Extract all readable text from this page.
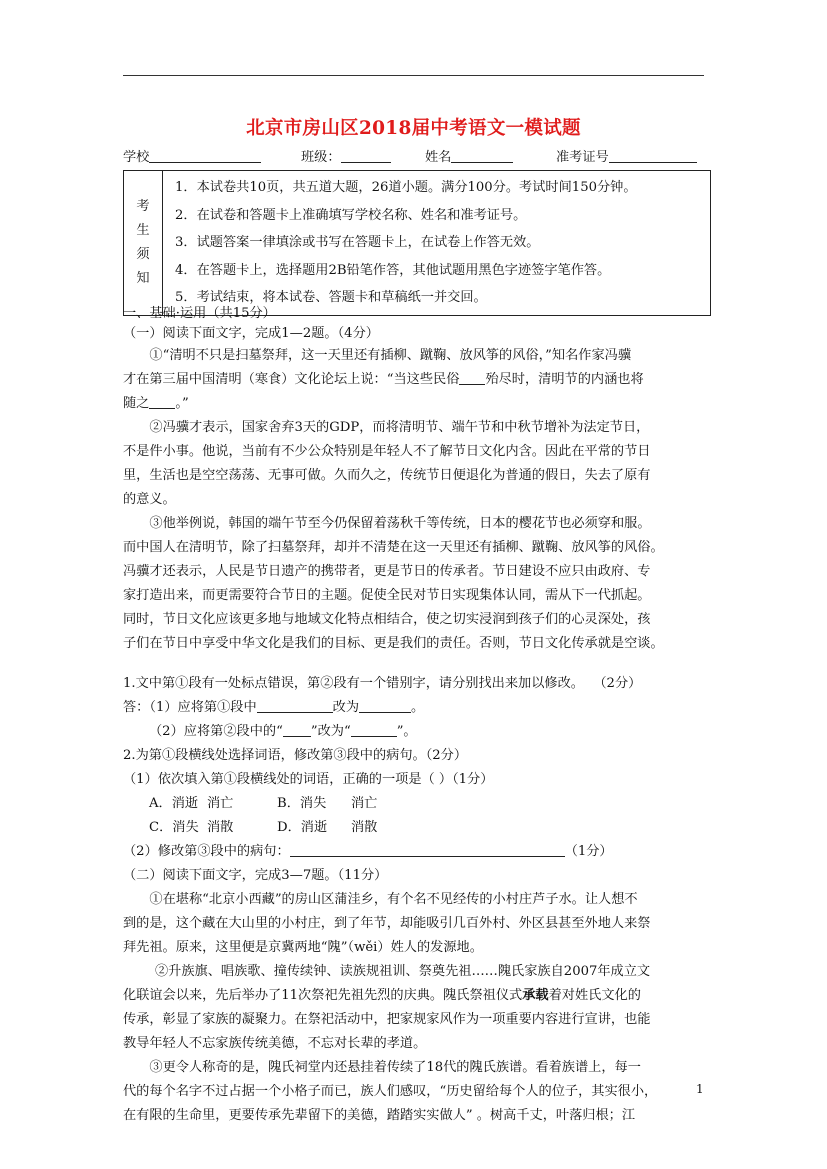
北京市房山区2018届中考语文一模试题
学校	班级：	姓名	准考证号
考
生
须
知

1．本试卷共10页，共五道大题，26道小题。满分100分。考试时间150分钟。
2．在试卷和答题卡上准确填写学校名称、姓名和准考证号。
3．试题答案一律填涂或书写在答题卡上，在试卷上作答无效。
4．在答题卡上，选择题用2B铅笔作答，其他试题用黑色字迹签字笔作答。
5．考试结束，将本试卷、答题卡和草稿纸一并交回。
一、基础·运用（共15分）
（一）阅读下面文字，完成1—2题。（4分）
①“清明不只是扫墓祭拜，这一天里还有插柳、蹴鞠、放风筝的风俗，”知名作家冯骥
才在第三届中国清明（寒食）文化论坛上说：“当这些民俗 殆尽时，清明节的内涵也将
随之 。”
②冯骥才表示，国家舍弃3天的GDP，而将清明节、端午节和中秋节增补为法定节日，
不是件小事。他说，当前有不少公众特别是年轻人不了解节日文化内含。因此在平常的节日
里，生活也是空空荡荡、无事可做。久而久之，传统节日便退化为普通的假日，失去了原有
的意义。
③他举例说，韩国的端午节至今仍保留着荡秋千等传统，日本的樱花节也必须穿和服。
而中国人在清明节，除了扫墓祭拜，却并不清楚在这一天里还有插柳、蹴鞠、放风筝的风俗。
冯骥才还表示，人民是节日遗产的携带者，更是节日的传承者。节日建设不应只由政府、专
家打造出来，而更需要符合节日的主题。促使全民对节日实现集体认同，需从下一代抓起。
同时，节日文化应该更多地与地域文化特点相结合，使之切实浸润到孩子们的心灵深处，孩
子们在节日中享受中华文化是我们的目标、更是我们的责任。否则，节日文化传承就是空谈。
1.文中第①段有一处标点错误，第②段有一个错别字，请分别找出来加以修改。 （2分）
答：（1）应将第①段中	改为	。
（2）应将第②段中的“ ”改为“	”。
2.为第①段横线处选择词语，修改第③段中的病句。（2分）
（1）依次填入第①段横线处的词语，正确的一项是（ ）（1分）
A．消逝 消亡	B．消失 消亡
C．消失 消散	D．消逝 消散
（2）修改第③段中的病句：	（1分）
（二）阅读下面文字，完成3—7题。（11分）
①在堪称“北京小西藏”的房山区蒲洼乡，有个名不见经传的小村庄芦子水。让人想不
到的是，这个藏在大山里的小村庄，到了年节，却能吸引几百外村、外区县甚至外地人来祭
拜先祖。原来，这里便是京冀两地“隗”（wěi）姓人的发源地。
②升族旗、唱族歌、撞传续钟、读族规祖训、祭奠先祖……隗氏家族自2007年成立文
化联谊会以来，先后举办了11次祭祀先祖先烈的庆典。隗氏祭祖仪式承载着对姓氏文化的
传承，彰显了家族的凝聚力。在祭祀活动中，把家规家风作为一项重要内容进行宣讲，也能
教导年轻人不忘家族传统美德，不忘对长辈的孝道。
③更令人称奇的是，隗氏祠堂内还悬挂着传续了18代的隗氏族谱。看着族谱上，每一
代的每个名字不过占据一个小格子而已，族人们感叹，“历史留给每个人的位子，其实很小，
在有限的生命里，更要传承先辈留下的美德，踏踏实实做人” 。树高千丈，叶落归根；江
1
